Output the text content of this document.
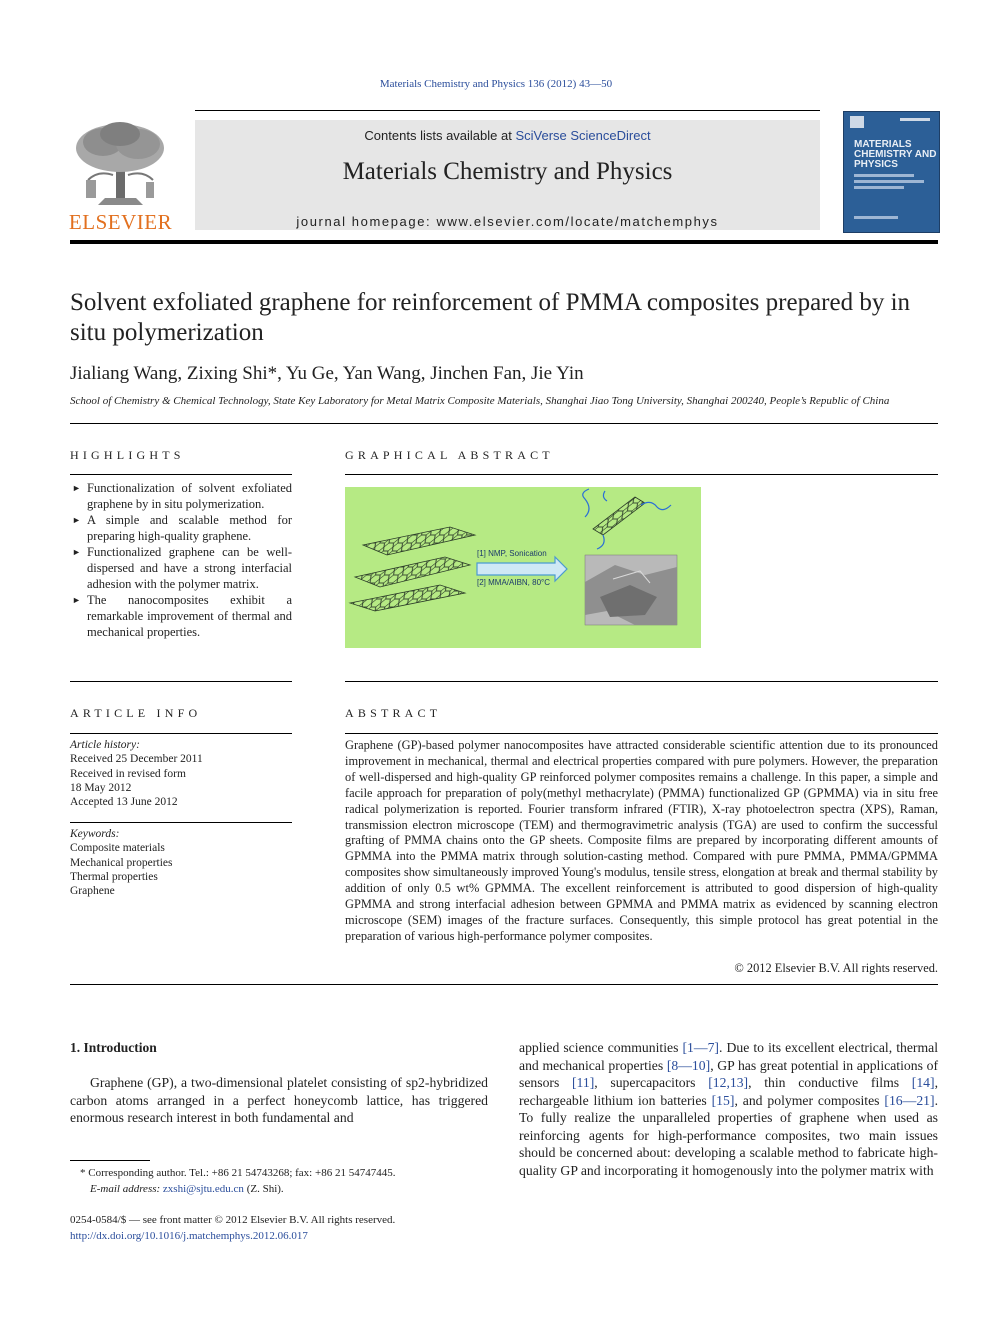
Materials Chemistry and Physics 136 (2012) 43—50
ELSEVIER
Contents lists available at SciVerse ScienceDirect
Materials Chemistry and Physics
journal homepage: www.elsevier.com/locate/matchemphys
MATERIALS CHEMISTRY AND PHYSICS
Solvent exfoliated graphene for reinforcement of PMMA composites prepared by in situ polymerization
Jialiang Wang, Zixing Shi*, Yu Ge, Yan Wang, Jinchen Fan, Jie Yin
School of Chemistry & Chemical Technology, State Key Laboratory for Metal Matrix Composite Materials, Shanghai Jiao Tong University, Shanghai 200240, People’s Republic of China
HIGHLIGHTS
► Functionalization of solvent exfoliated graphene by in situ polymerization.
► A simple and scalable method for preparing high-quality graphene.
► Functionalized graphene can be well-dispersed and have a strong interfacial adhesion with the polymer matrix.
► The nanocomposites exhibit a remarkable improvement of thermal and mechanical properties.
GRAPHICAL ABSTRACT
[1] NMP, Sonication
[2] MMA/AIBN, 80°C
ARTICLE INFO
Article history:
Received 25 December 2011
Received in revised form
18 May 2012
Accepted 13 June 2012
Keywords:
Composite materials
Mechanical properties
Thermal properties
Graphene
ABSTRACT
Graphene (GP)-based polymer nanocomposites have attracted considerable scientific attention due to its pronounced improvement in mechanical, thermal and electrical properties compared with pure polymers. However, the preparation of well-dispersed and high-quality GP reinforced polymer composites remains a challenge. In this paper, a simple and facile approach for preparation of poly(methyl methacrylate) (PMMA) functionalized GP (GPMMA) via in situ free radical polymerization is reported. Fourier transform infrared (FTIR), X-ray photoelectron spectra (XPS), Raman, transmission electron microscope (TEM) and thermogravimetric analysis (TGA) are used to confirm the successful grafting of PMMA chains onto the GP sheets. Composite films are prepared by incorporating different amounts of GPMMA into the PMMA matrix through solution-casting method. Compared with pure PMMA, PMMA/GPMMA composites show simultaneously improved Young's modulus, tensile stress, elongation at break and thermal stability by addition of only 0.5 wt% GPMMA. The excellent reinforcement is attributed to good dispersion of high-quality GPMMA and strong interfacial adhesion between GPMMA and PMMA matrix as evidenced by scanning electron microscope (SEM) images of the fracture surfaces. Consequently, this simple protocol has great potential in the preparation of various high-performance polymer composites.
© 2012 Elsevier B.V. All rights reserved.
1. Introduction
Graphene (GP), a two-dimensional platelet consisting of sp2-hybridized carbon atoms arranged in a perfect honeycomb lattice, has triggered enormous research interest in both fundamental and
applied science communities [1—7]. Due to its excellent electrical, thermal and mechanical properties [8—10], GP has great potential in applications of sensors [11], supercapacitors [12,13], thin conductive films [14], rechargeable lithium ion batteries [15], and polymer composites [16—21]. To fully realize the unparalleled properties of graphene when used as reinforcing agents for high-performance composites, two main issues should be concerned about: developing a scalable method to fabricate high-quality GP and incorporating it homogenously into the polymer matrix with
* Corresponding author. Tel.: +86 21 54743268; fax: +86 21 54747445.
E-mail address: zxshi@sjtu.edu.cn (Z. Shi).
0254-0584/$ — see front matter © 2012 Elsevier B.V. All rights reserved.
http://dx.doi.org/10.1016/j.matchemphys.2012.06.017
